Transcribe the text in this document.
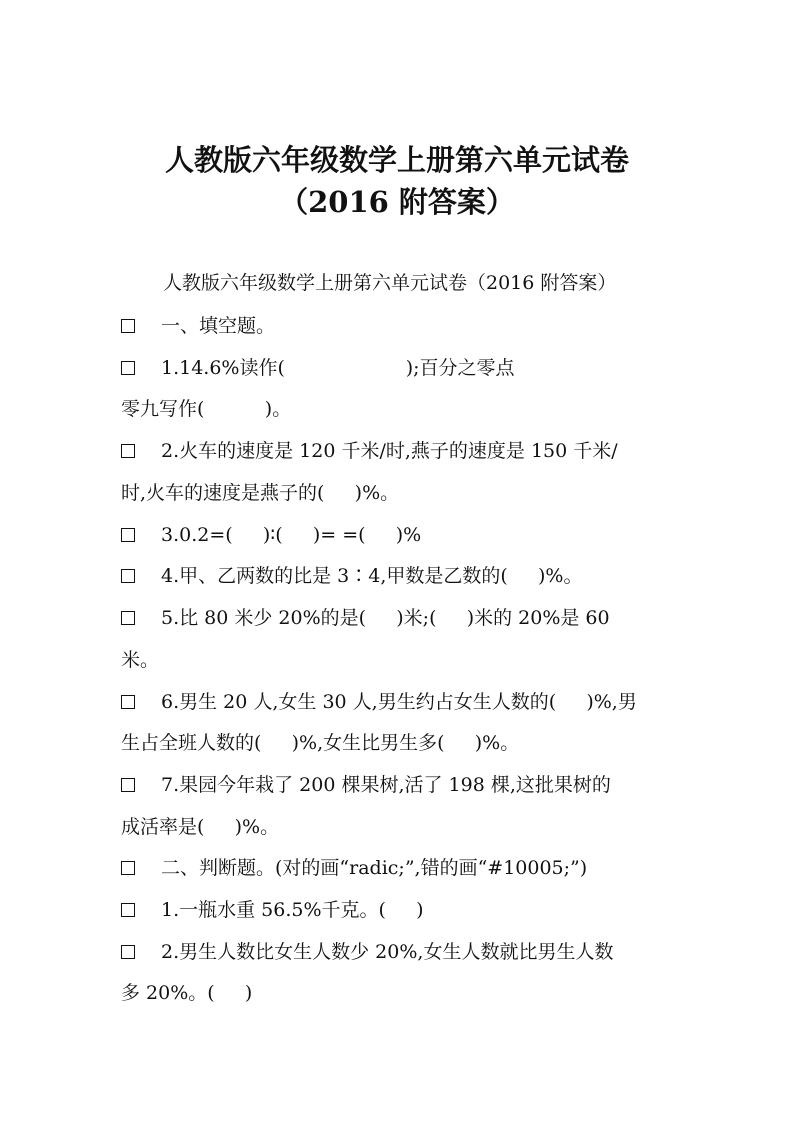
人教版六年级数学上册第六单元试卷
（2016 附答案）
人教版六年级数学上册第六单元试卷（2016 附答案）
一、填空题。
1.14.6%读作(                    );百分之零点
零九写作(          )。
2.火车的速度是 120 千米/时,燕子的速度是 150 千米/
时,火车的速度是燕子的(     )%。
3.0.2=(     )∶(     )= =(     )%
4.甲、乙两数的比是 3∶4,甲数是乙数的(     )%。
5.比 80 米少 20%的是(     )米;(     )米的 20%是 60
米。
6.男生 20 人,女生 30 人,男生约占女生人数的(     )%,男
生占全班人数的(     )%,女生比男生多(     )%。
7.果园今年栽了 200 棵果树,活了 198 棵,这批果树的
成活率是(     )%。
二、判断题。(对的画“radic;”,错的画“#10005;”)
1.一瓶水重 56.5%千克。(     )
2.男生人数比女生人数少 20%,女生人数就比男生人数
多 20%。(     )
